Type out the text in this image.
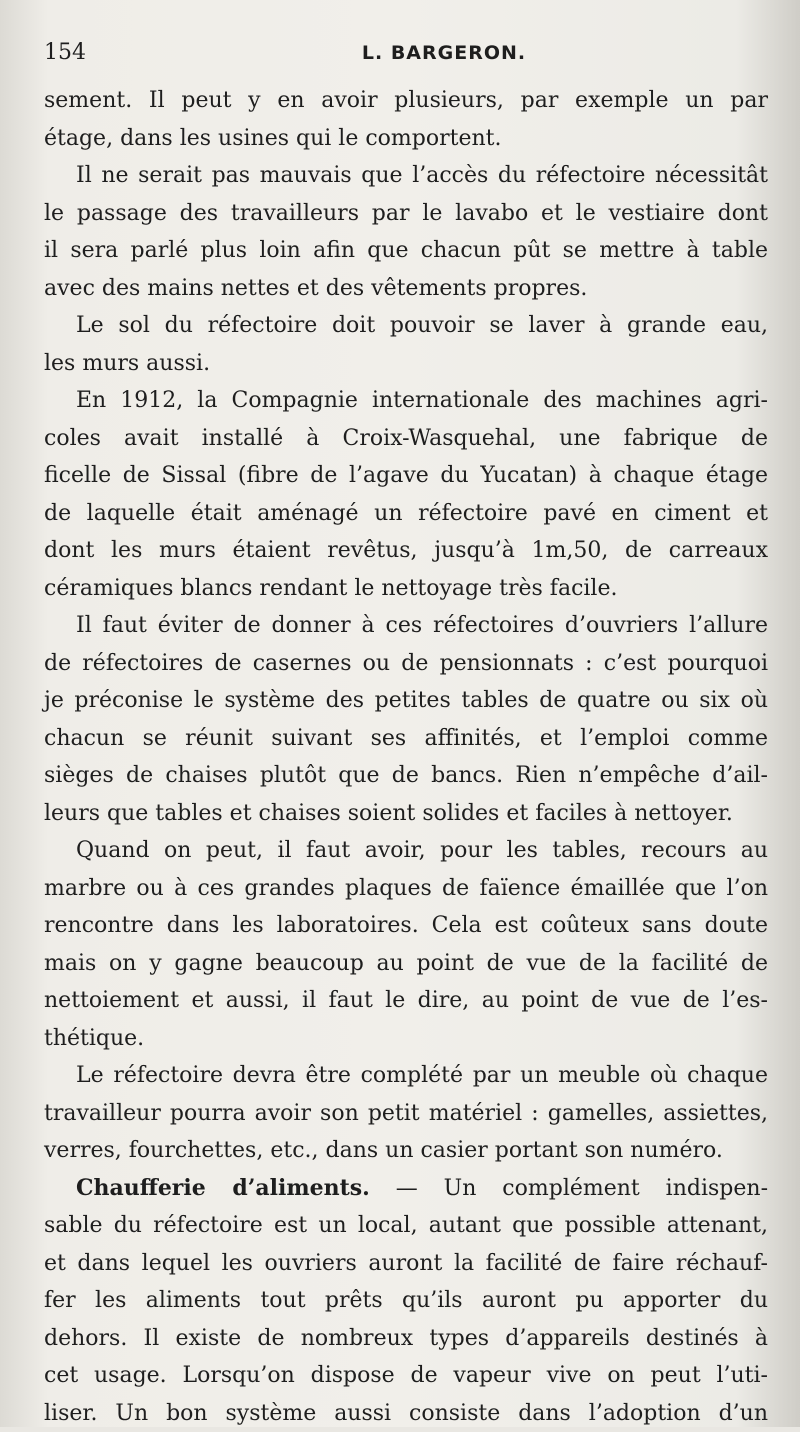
154	L. BARGERON.
sement. Il peut y en avoir plusieurs, par exemple un par
étage, dans les usines qui le comportent.
Il ne serait pas mauvais que l’accès du réfectoire nécessitât
le passage des travailleurs par le lavabo et le vestiaire dont
il sera parlé plus loin afin que chacun pût se mettre à table
avec des mains nettes et des vêtements propres.
Le sol du réfectoire doit pouvoir se laver à grande eau,
les murs aussi.
En 1912, la Compagnie internationale des machines agri-
coles avait installé à Croix-Wasquehal, une fabrique de
ficelle de Sissal (fibre de l’agave du Yucatan) à chaque étage
de laquelle était aménagé un réfectoire pavé en ciment et
dont les murs étaient revêtus, jusqu’à 1m,50, de carreaux
céramiques blancs rendant le nettoyage très facile.
Il faut éviter de donner à ces réfectoires d’ouvriers l’allure
de réfectoires de casernes ou de pensionnats : c’est pourquoi
je préconise le système des petites tables de quatre ou six où
chacun se réunit suivant ses affinités, et l’emploi comme
sièges de chaises plutôt que de bancs. Rien n’empêche d’ail-
leurs que tables et chaises soient solides et faciles à nettoyer.
Quand on peut, il faut avoir, pour les tables, recours au
marbre ou à ces grandes plaques de faïence émaillée que l’on
rencontre dans les laboratoires. Cela est coûteux sans doute
mais on y gagne beaucoup au point de vue de la facilité de
nettoiement et aussi, il faut le dire, au point de vue de l’es-
thétique.
Le réfectoire devra être complété par un meuble où chaque
travailleur pourra avoir son petit matériel : gamelles, assiettes,
verres, fourchettes, etc., dans un casier portant son numéro.
Chaufferie d’aliments. — Un complément indispen-
sable du réfectoire est un local, autant que possible attenant,
et dans lequel les ouvriers auront la facilité de faire réchauf-
fer les aliments tout prêts qu’ils auront pu apporter du
dehors. Il existe de nombreux types d’appareils destinés à
cet usage. Lorsqu’on dispose de vapeur vive on peut l’uti-
liser. Un bon système aussi consiste dans l’adoption d’un
